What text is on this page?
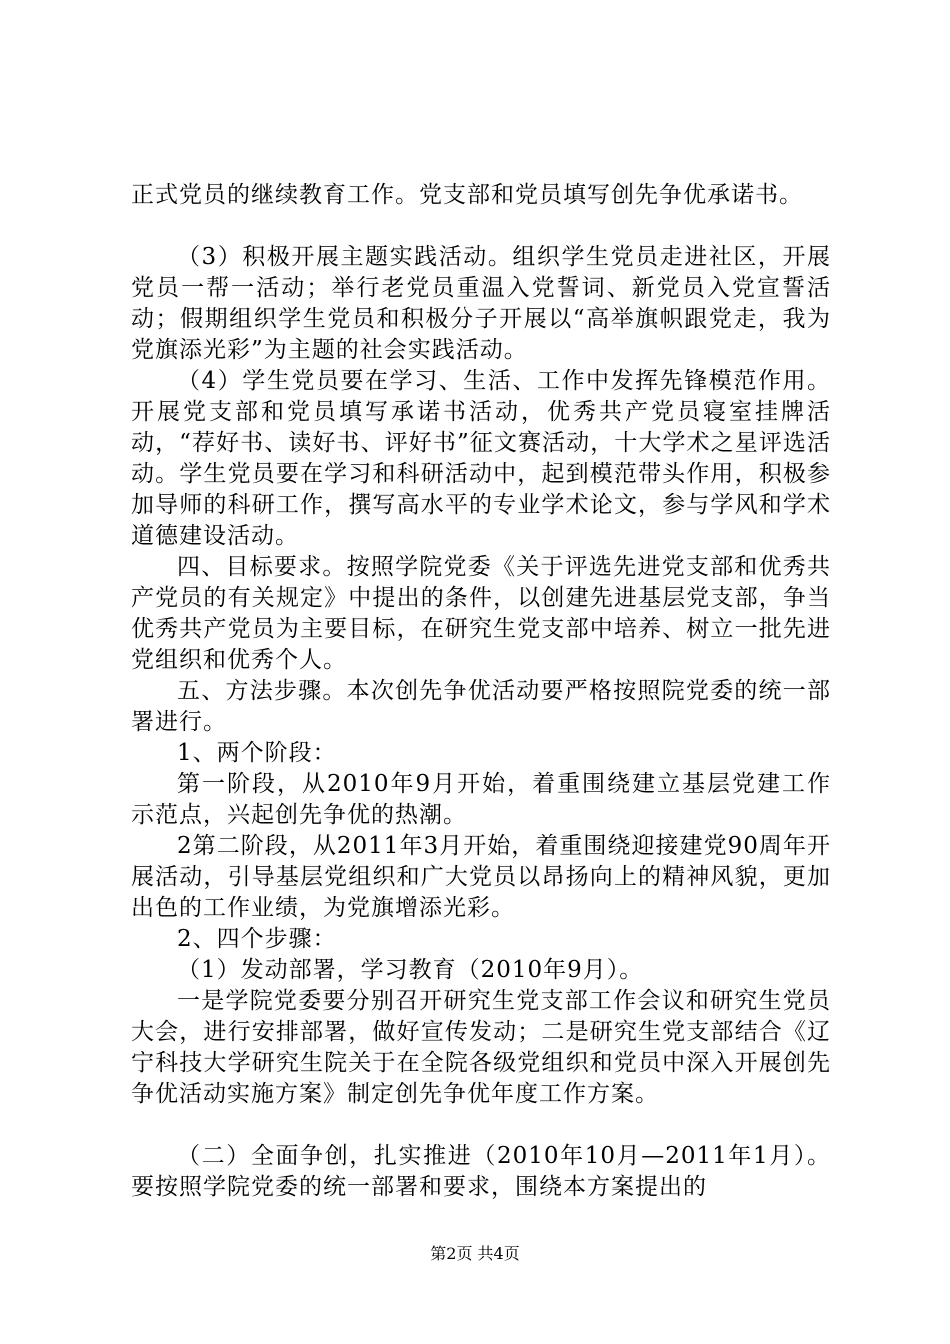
正式党员的继续教育工作。党支部和党员填写创先争优承诺书。

（3）积极开展主题实践活动。组织学生党员走进社区，开展党员一帮一活动；举行老党员重温入党誓词、新党员入党宣誓活动；假期组织学生党员和积极分子开展以“高举旗帜跟党走，我为党旗添光彩”为主题的社会实践活动。

（4）学生党员要在学习、生活、工作中发挥先锋模范作用。开展党支部和党员填写承诺书活动，优秀共产党员寝室挂牌活动，“荐好书、读好书、评好书”征文赛活动，十大学术之星评选活动。学生党员要在学习和科研活动中，起到模范带头作用，积极参加导师的科研工作，撰写高水平的专业学术论文，参与学风和学术道德建设活动。

四、目标要求。按照学院党委《关于评选先进党支部和优秀共产党员的有关规定》中提出的条件，以创建先进基层党支部，争当优秀共产党员为主要目标，在研究生党支部中培养、树立一批先进党组织和优秀个人。

五、方法步骤。本次创先争优活动要严格按照院党委的统一部署进行。

1、两个阶段：

第一阶段，从2010年9月开始，着重围绕建立基层党建工作示范点，兴起创先争优的热潮。

2第二阶段，从2011年3月开始，着重围绕迎接建党90周年开展活动，引导基层党组织和广大党员以昂扬向上的精神风貌，更加出色的工作业绩，为党旗增添光彩。

2、四个步骤：

（1）发动部署，学习教育（2010年9月）。

一是学院党委要分别召开研究生党支部工作会议和研究生党员大会，进行安排部署，做好宣传发动；二是研究生党支部结合《辽宁科技大学研究生院关于在全院各级党组织和党员中深入开展创先争优活动实施方案》制定创先争优年度工作方案。

（二）全面争创，扎实推进（2010年10月—2011年1月）。要按照学院党委的统一部署和要求，围绕本方案提出的

第2页 共4页
